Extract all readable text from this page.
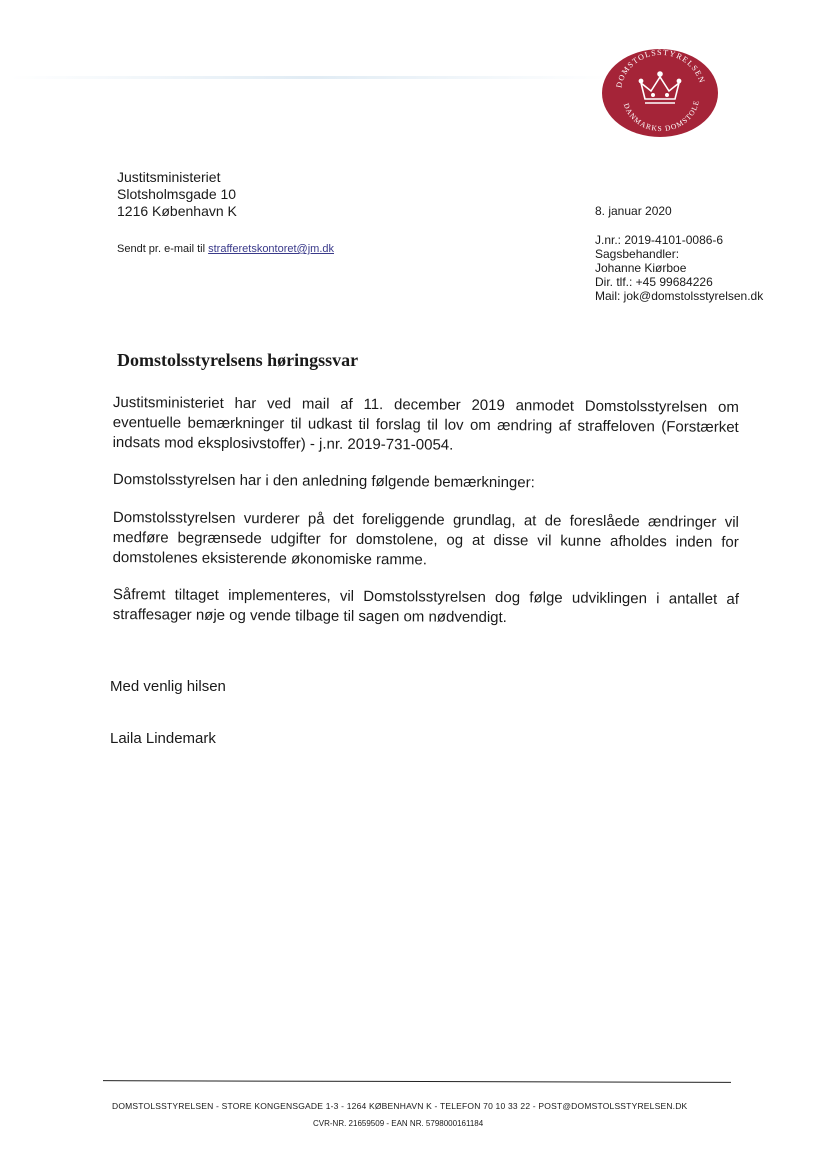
DOMSTOLSSTYRELSEN
DANMARKS DOMSTOLE
Justitsministeriet
Slotsholmsgade 10
1216 København K
Sendt pr. e-mail til strafferetskontoret@jm.dk
8. januar 2020
J.nr.: 2019-4101-0086-6
Sagsbehandler:
Johanne Kiørboe
Dir. tlf.: +45 99684226
Mail: jok@domstolsstyrelsen.dk
Domstolsstyrelsens høringssvar
Justitsministeriet har ved mail af 11. december 2019 anmodet Domstolsstyrelsen om eventuelle bemærkninger til udkast til forslag til lov om ændring af straffeloven (Forstærket indsats mod eksplosivstoffer) - j.nr. 2019-731-0054.
Domstolsstyrelsen har i den anledning følgende bemærkninger:
Domstolsstyrelsen vurderer på det foreliggende grundlag, at de foreslåede ændringer vil medføre begrænsede udgifter for domstolene, og at disse vil kunne afholdes inden for domstolenes eksisterende økonomiske ramme.
Såfremt tiltaget implementeres, vil Domstolsstyrelsen dog følge udviklingen i antallet af straffesager nøje og vende tilbage til sagen om nødvendigt.
Med venlig hilsen
Laila Lindemark
DOMSTOLSSTYRELSEN - STORE KONGENSGADE 1-3 - 1264 KØBENHAVN K - TELEFON 70 10 33 22 - POST@DOMSTOLSSTYRELSEN.DK
CVR-NR. 21659509 - EAN NR. 5798000161184
